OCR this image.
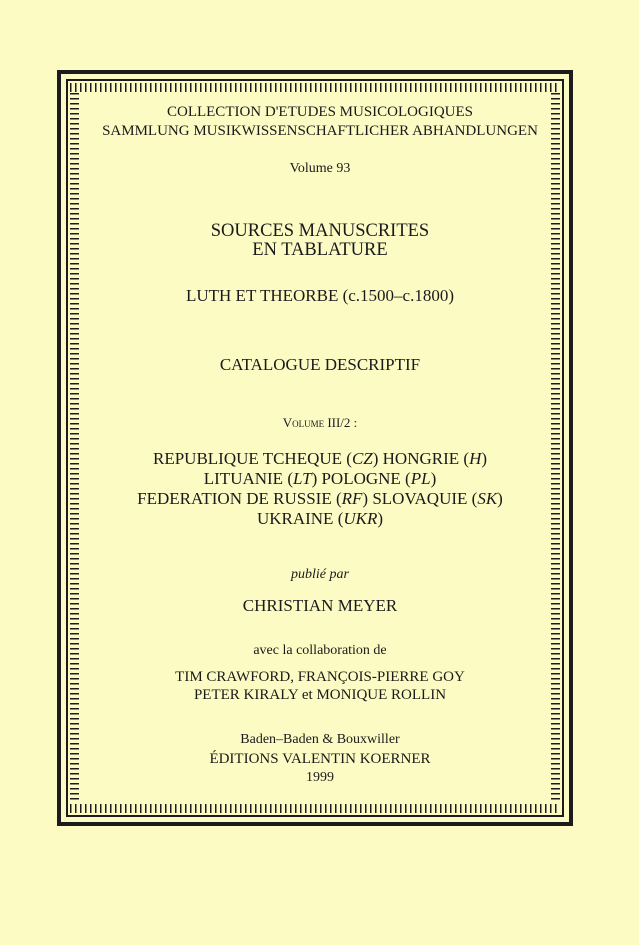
COLLECTION D'ETUDES MUSICOLOGIQUES
SAMMLUNG MUSIKWISSENSCHAFTLICHER ABHANDLUNGEN
Volume 93
SOURCES MANUSCRITES
EN TABLATURE
LUTH ET THEORBE (c.1500–c.1800)
CATALOGUE DESCRIPTIF
Volume III/2 :
REPUBLIQUE TCHEQUE (CZ) HONGRIE (H)
LITUANIE (LT) POLOGNE (PL)
FEDERATION DE RUSSIE (RF) SLOVAQUIE (SK)
UKRAINE (UKR)
publié par
CHRISTIAN MEYER
avec la collaboration de
TIM CRAWFORD, FRANÇOIS-PIERRE GOY
PETER KIRALY et MONIQUE ROLLIN
Baden–Baden & Bouxwiller
ÉDITIONS VALENTIN KOERNER
1999
